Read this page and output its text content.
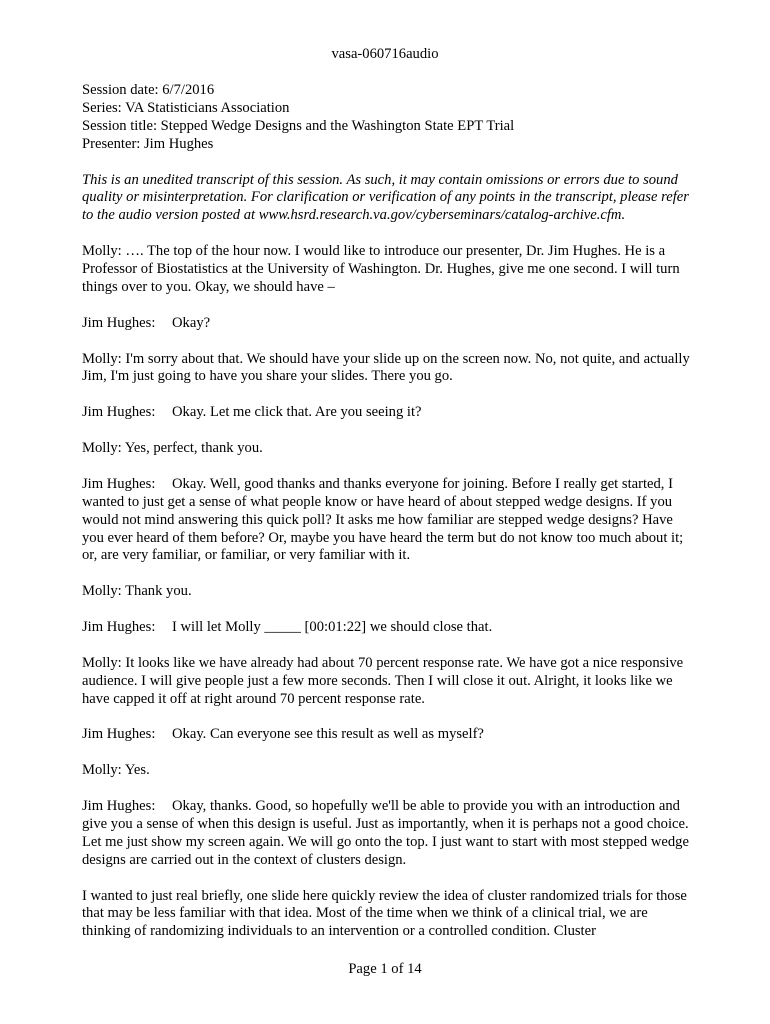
vasa-060716audio
Session date: 6/7/2016
Series: VA Statisticians Association
Session title: Stepped Wedge Designs and the Washington State EPT Trial
Presenter: Jim Hughes

This is an unedited transcript of this session. As such, it may contain omissions or errors due to sound quality or misinterpretation. For clarification or verification of any points in the transcript, please refer to the audio version posted at www.hsrd.research.va.gov/cyberseminars/catalog-archive.cfm.

Molly: …. The top of the hour now. I would like to introduce our presenter, Dr. Jim Hughes. He is a Professor of Biostatistics at the University of Washington. Dr. Hughes, give me one second. I will turn things over to you. Okay, we should have –

Jim Hughes: Okay?

Molly: I'm sorry about that. We should have your slide up on the screen now. No, not quite, and actually Jim, I'm just going to have you share your slides. There you go.

Jim Hughes: Okay. Let me click that. Are you seeing it?

Molly: Yes, perfect, thank you.

Jim Hughes: Okay. Well, good thanks and thanks everyone for joining. Before I really get started, I wanted to just get a sense of what people know or have heard of about stepped wedge designs. If you would not mind answering this quick poll? It asks me how familiar are stepped wedge designs? Have you ever heard of them before? Or, maybe you have heard the term but do not know too much about it; or, are very familiar, or familiar, or very familiar with it.

Molly: Thank you.

Jim Hughes: I will let Molly _____ [00:01:22] we should close that.

Molly: It looks like we have already had about 70 percent response rate. We have got a nice responsive audience. I will give people just a few more seconds. Then I will close it out. Alright, it looks like we have capped it off at right around 70 percent response rate.

Jim Hughes: Okay. Can everyone see this result as well as myself?

Molly: Yes.

Jim Hughes: Okay, thanks. Good, so hopefully we'll be able to provide you with an introduction and give you a sense of when this design is useful. Just as importantly, when it is perhaps not a good choice. Let me just show my screen again. We will go onto the top. I just want to start with most stepped wedge designs are carried out in the context of clusters design.

I wanted to just real briefly, one slide here quickly review the idea of cluster randomized trials for those that may be less familiar with that idea. Most of the time when we think of a clinical trial, we are thinking of randomizing individuals to an intervention or a controlled condition. Cluster

Page 1 of 14
